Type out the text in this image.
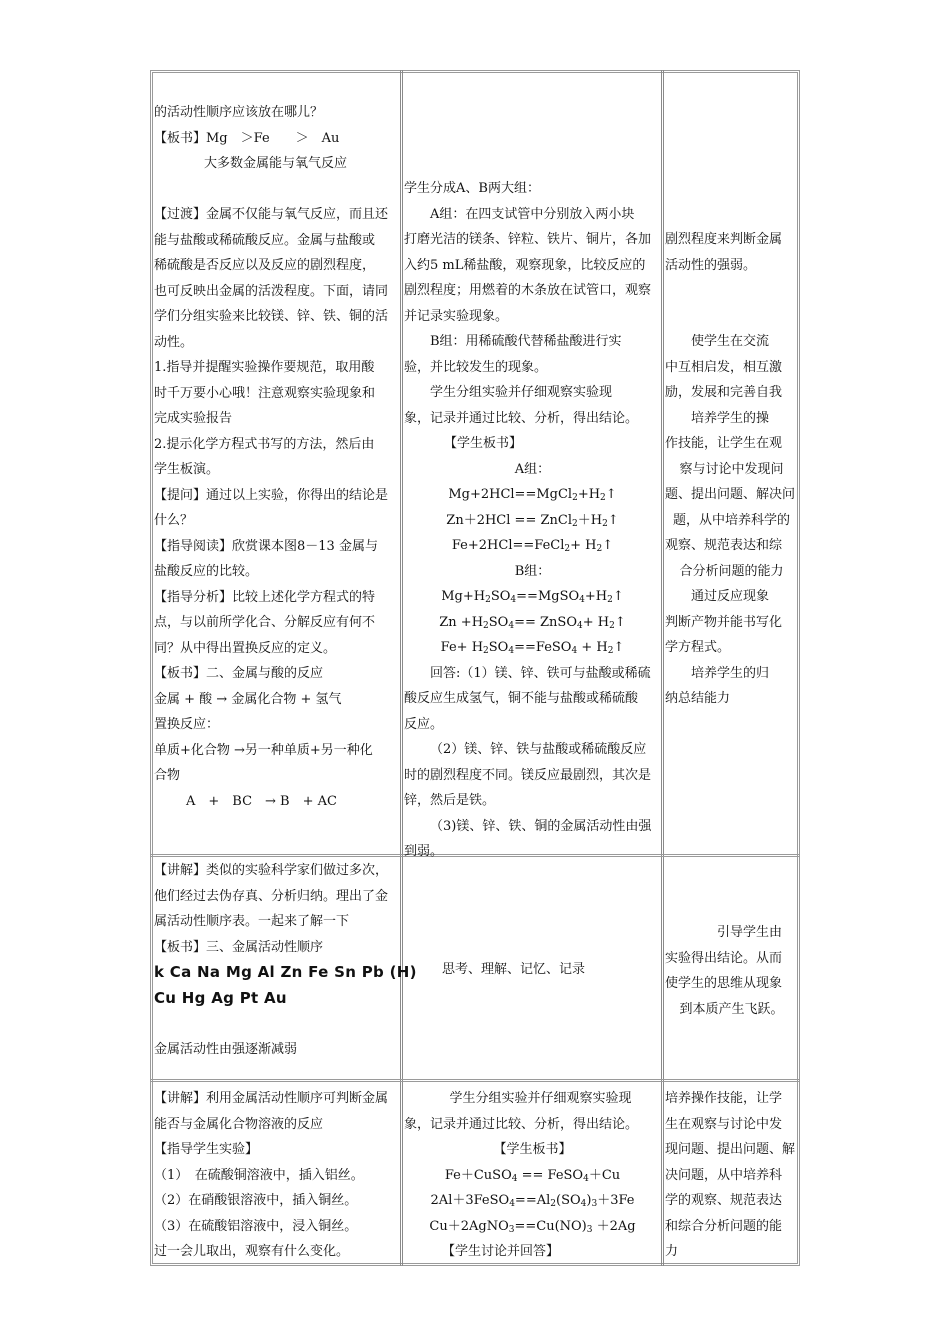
的活动性顺序应该放在哪儿？

【板书】Mg　＞Fe　　＞　Au

大多数金属能与氧气反应

【过渡】金属不仅能与氧气反应，而且还

能与盐酸或稀硫酸反应。金属与盐酸或

稀硫酸是否反应以及反应的剧烈程度，

也可反映出金属的活泼程度。下面，请同

学们分组实验来比较镁、锌、铁、铜的活

动性。

1.指导并提醒实验操作要规范，取用酸

时千万要小心哦！注意观察实验现象和

完成实验报告

2.提示化学方程式书写的方法，然后由

学生板演。

【提问】通过以上实验，你得出的结论是

什么？

【指导阅读】欣赏课本图8－13 金属与

盐酸反应的比较。

【指导分析】比较上述化学方程式的特

点，与以前所学化合、分解反应有何不

同？从中得出置换反应的定义。

【板书】二、金属与酸的反应

金属 + 酸 → 金属化合物 + 氢气

置换反应：

单质+化合物 →另一种单质+另一种化

合物

A　+　BC　→ B　+ AC

学生分成A、B两大组：

A组：在四支试管中分别放入两小块

打磨光洁的镁条、锌粒、铁片、铜片，各加

入约5 mL稀盐酸，观察现象，比较反应的

剧烈程度；用燃着的木条放在试管口，观察

并记录实验现象。

B组：用稀硫酸代替稀盐酸进行实

验，并比较发生的现象。

学生分组实验并仔细观察实验现

象，记录并通过比较、分析，得出结论。

【学生板书】

A组：

$Mg+2HCl==MgCl_2+H_2↑$

$Zn+2HCl == ZnCl_2+H_2↑$

Fe+2HCl==FeCl$_2$+ $H_2↑$

B组：

$Mg+H_2SO_4==MgSO_4+H_2↑$

$Zn +H_2SO_4==$ ZnSO$_4$+ $H_2↑$

$Fe+ H_2SO_4==FeSO_4$ + $H_2↑$

回答:（1）镁、锌、铁可与盐酸或稀硫

酸反应生成氢气，铜不能与盐酸或稀硫酸

反应。

（2）镁、锌、铁与盐酸或稀硫酸反应

时的剧烈程度不同。镁反应最剧烈，其次是

锌，然后是铁。

（3)镁、锌、铁、铜的金属活动性由强

到弱。

剧烈程度来判断金属

活动性的强弱。

使学生在交流

中互相启发，相互激

励，发展和完善自我

培养学生的操

作技能，让学生在观

察与讨论中发现问

题、提出问题、解决问

题，从中培养科学的

观察、规范表达和综

合分析问题的能力

通过反应现象

判断产物并能书写化

学方程式。

培养学生的归

纳总结能力

【讲解】类似的实验科学家们做过多次，

他们经过去伪存真、分析归纳。理出了金

属活动性顺序表。一起来了解一下

【板书】三、金属活动性顺序

k Ca Na Mg Al Zn Fe Sn Pb (H)

Cu Hg Ag Pt Au

金属活动性由强逐渐减弱

思考、理解、记忆、记录

引导学生由

实验得出结论。从而

使学生的思维从现象

到本质产生飞跃。

【讲解】利用金属活动性顺序可判断金属

能否与金属化合物溶液的反应

【指导学生实验】

（1）　在硫酸铜溶液中，插入铝丝。

（2）在硝酸银溶液中，插入铜丝。

（3）在硫酸铝溶液中，浸入铜丝。

过一会儿取出，观察有什么变化。

学生分组实验并仔细观察实验现

象，记录并通过比较、分析，得出结论。

【学生板书】

Fe＋CuSO$_4$ == FeSO$_4$＋Cu

$2Al+3FeSO_4==Al_2(SO_4)_3+3Fe$

$Cu+2AgNO_3==Cu(NO)_3 +2Ag$

【学生讨论并回答】

培养操作技能，让学

生在观察与讨论中发

现问题、提出问题、解

决问题，从中培养科

学的观察、规范表达

和综合分析问题的能

力
